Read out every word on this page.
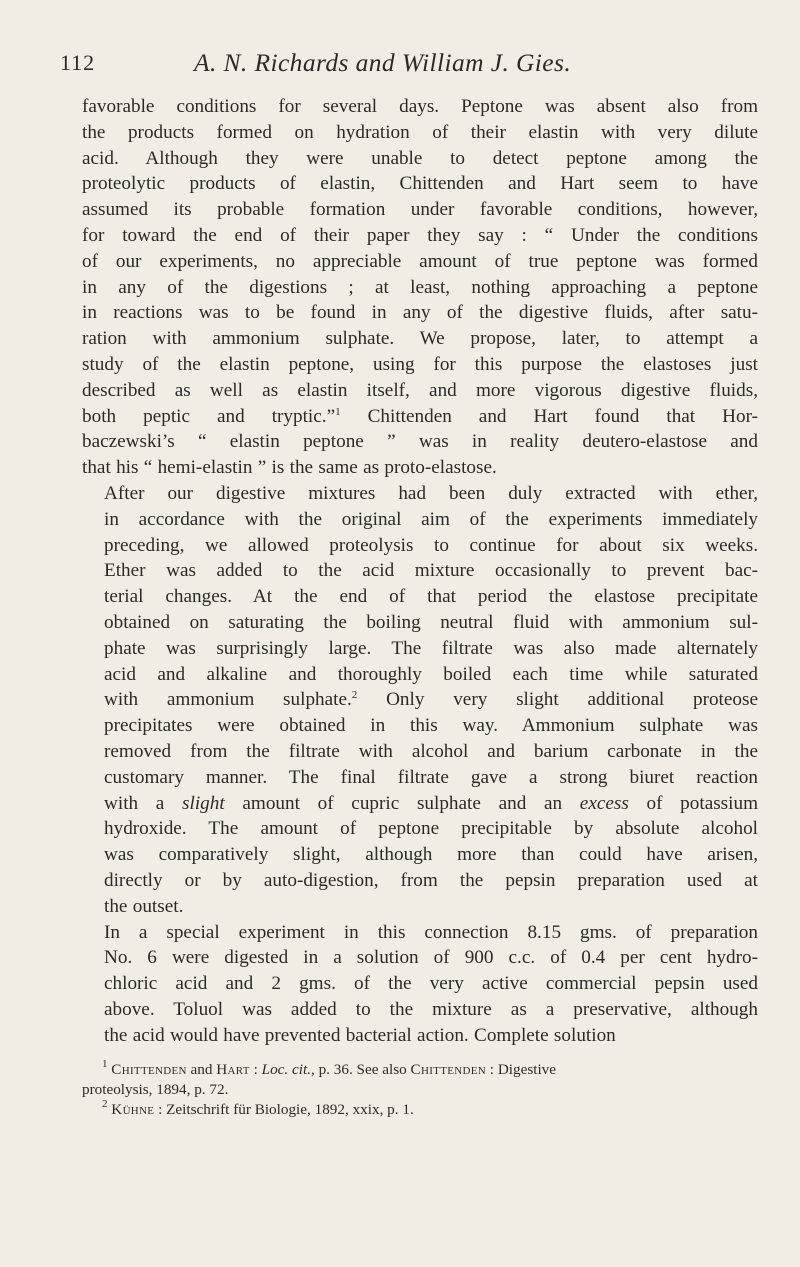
112	A. N. Richards and William J. Gies.

favorable conditions for several days. Peptone was absent also from
the products formed on hydration of their elastin with very dilute
acid. Although they were unable to detect peptone among the
proteolytic products of elastin, Chittenden and Hart seem to have
assumed its probable formation under favorable conditions, however,
for toward the end of their paper they say : “ Under the conditions
of our experiments, no appreciable amount of true peptone was formed
in any of the digestions ; at least, nothing approaching a peptone
in reactions was to be found in any of the digestive fluids, after satu-
ration with ammonium sulphate. We propose, later, to attempt a
study of the elastin peptone, using for this purpose the elastoses just
described as well as elastin itself, and more vigorous digestive fluids,
both peptic and tryptic.”$^1$ Chittenden and Hart found that Hor-
baczewski’s “ elastin peptone ” was in reality deutero-elastose and
that his “ hemi-elastin ” is the same as proto-elastose.

After our digestive mixtures had been duly extracted with ether,
in accordance with the original aim of the experiments immediately
preceding, we allowed proteolysis to continue for about six weeks.
Ether was added to the acid mixture occasionally to prevent bac-
terial changes. At the end of that period the elastose precipitate
obtained on saturating the boiling neutral fluid with ammonium sul-
phate was surprisingly large. The filtrate was also made alternately
acid and alkaline and thoroughly boiled each time while saturated
with ammonium sulphate.$^2$ Only very slight additional proteose
precipitates were obtained in this way. Ammonium sulphate was
removed from the filtrate with alcohol and barium carbonate in the
customary manner. The final filtrate gave a strong biuret reaction
with a slight amount of cupric sulphate and an excess of potassium
hydroxide. The amount of peptone precipitable by absolute alcohol
was comparatively slight, although more than could have arisen,
directly or by auto-digestion, from the pepsin preparation used at
the outset.

In a special experiment in this connection 8.15 gms. of preparation
No. 6 were digested in a solution of 900 c.c. of 0.4 per cent hydro-
chloric acid and 2 gms. of the very active commercial pepsin used
above. Toluol was added to the mixture as a preservative, although
the acid would have prevented bacterial action. Complete solution

$^1$ Chittenden and Hart : Loc. cit., p. 36. See also Chittenden : Digestive
proteolysis, 1894, p. 72.
$^2$ Kühne : Zeitschrift für Biologie, 1892, xxix, p. 1.
